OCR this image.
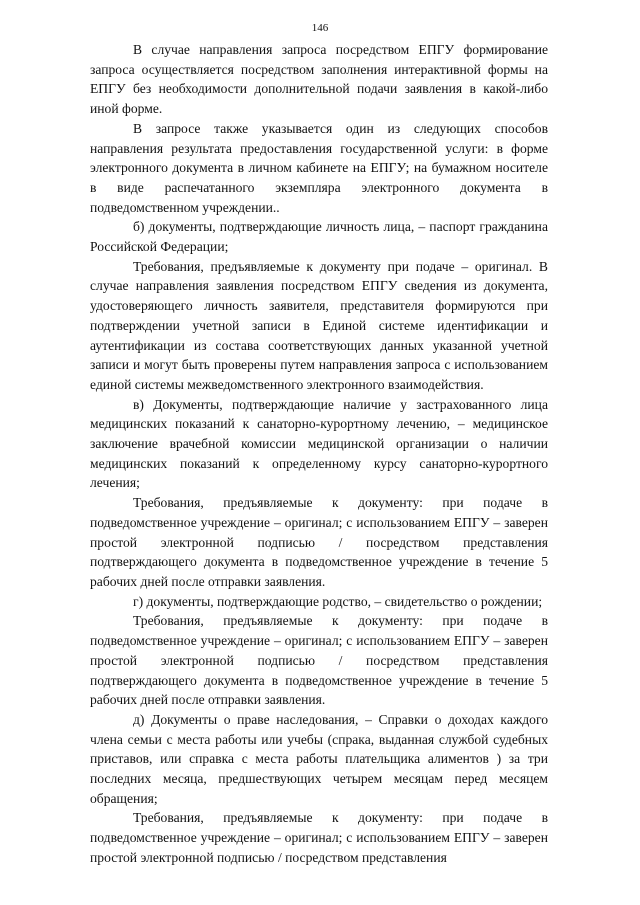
146

В случае направления запроса посредством ЕПГУ формирование запроса осуществляется посредством заполнения интерактивной формы на ЕПГУ без необходимости дополнительной подачи заявления в какой-либо иной форме.

В запросе также указывается один из следующих способов направления результата предоставления государственной услуги: в форме электронного документа в личном кабинете на ЕПГУ; на бумажном носителе в виде распечатанного экземпляра электронного документа в подведомственном учреждении..

б) документы, подтверждающие личность лица, – паспорт гражданина Российской Федерации;

Требования, предъявляемые к документу при подаче – оригинал. В случае направления заявления посредством ЕПГУ сведения из документа, удостоверяющего личность заявителя, представителя формируются при подтверждении учетной записи в Единой системе идентификации и аутентификации из состава соответствующих данных указанной учетной записи и могут быть проверены путем направления запроса с использованием единой системы межведомственного электронного взаимодействия.

в) Документы, подтверждающие наличие у застрахованного лица медицинских показаний к санаторно-курортному лечению, – медицинское заключение врачебной комиссии медицинской организации о наличии медицинских показаний к определенному курсу санаторно-курортного лечения;

Требования, предъявляемые к документу: при подаче в подведомственное учреждение – оригинал; с использованием ЕПГУ – заверен простой электронной подписью / посредством представления подтверждающего документа в подведомственное учреждение в течение 5 рабочих дней после отправки заявления.

г) документы, подтверждающие родство, – свидетельство о рождении;

Требования, предъявляемые к документу: при подаче в подведомственное учреждение – оригинал; с использованием ЕПГУ – заверен простой электронной подписью / посредством представления подтверждающего документа в подведомственное учреждение в течение 5 рабочих дней после отправки заявления.

д) Документы о праве наследования, – Справки о доходах каждого члена семьи с места работы или учебы (спрака, выданная службой судебных приставов, или справка с места работы плательщика алиментов ) за три последних месяца, предшествующих четырем месяцам перед месяцем обращения;

Требования, предъявляемые к документу: при подаче в подведомственное учреждение – оригинал; с использованием ЕПГУ – заверен простой электронной подписью / посредством представления
